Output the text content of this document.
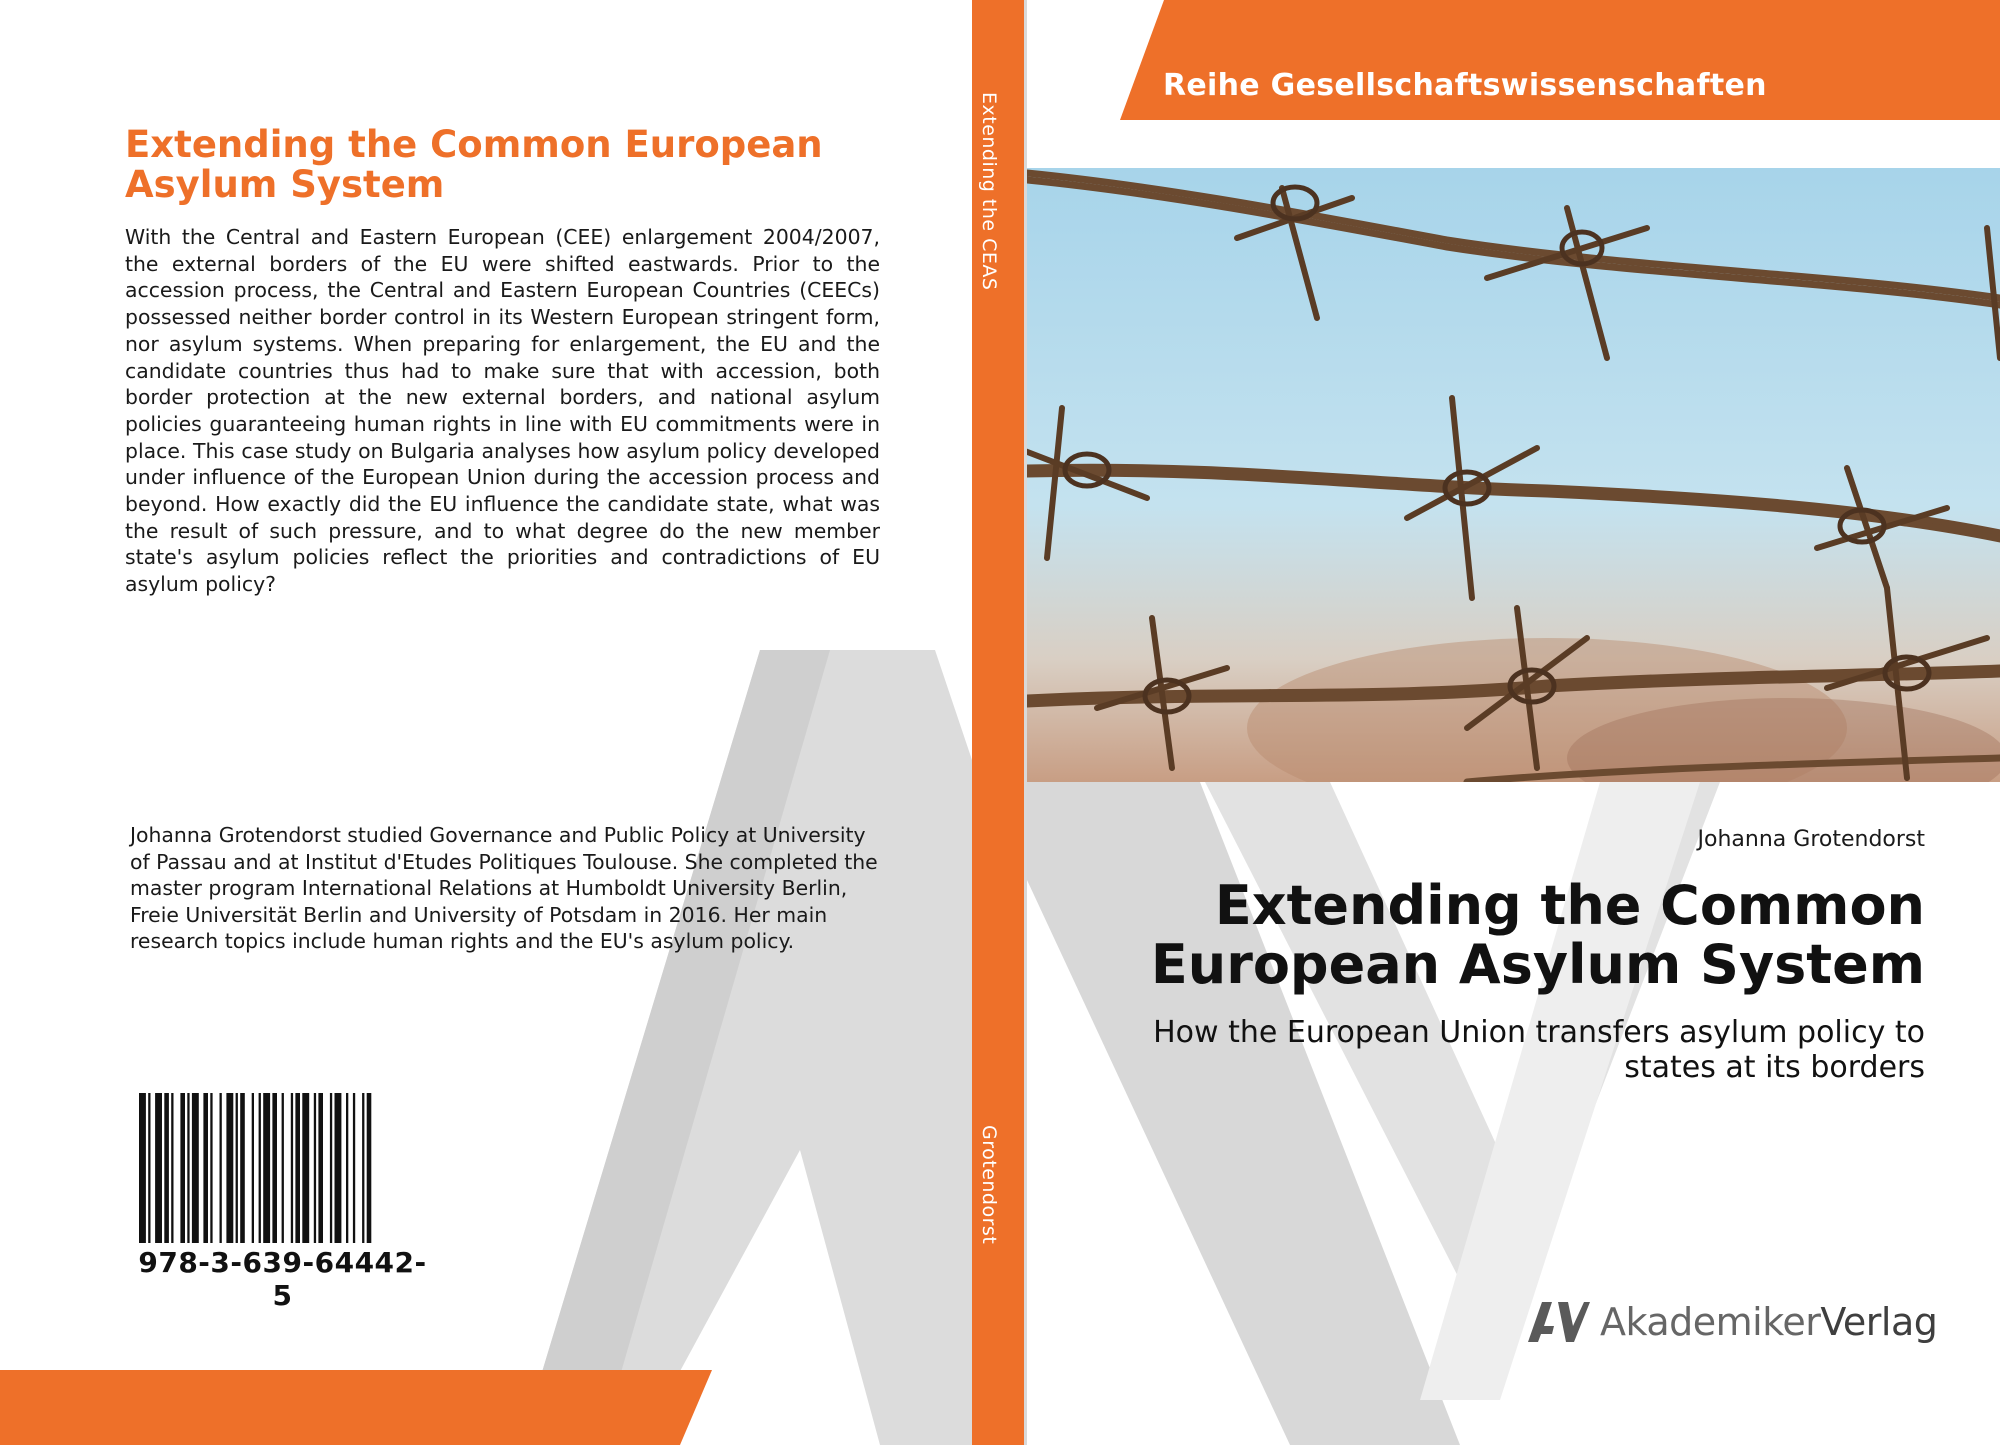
Extending the Common European Asylum System
With the Central and Eastern European (CEE) enlargement 2004/2007, the external borders of the EU were shifted eastwards. Prior to the accession process, the Central and Eastern European Countries (CEECs) possessed neither border control in its Western European stringent form, nor asylum systems. When preparing for enlargement, the EU and the candidate countries thus had to make sure that with accession, both border protection at the new external borders, and national asylum policies guaranteeing human rights in line with EU commitments were in place. This case study on Bulgaria analyses how asylum policy developed under influence of the European Union during the accession process and beyond. How exactly did the EU influence the candidate state, what was the result of such pressure, and to what degree do the new member state's asylum policies reflect the priorities and contradictions of EU asylum policy?
Johanna Grotendorst studied Governance and Public Policy at University of Passau and at Institut d'Etudes Politiques Toulouse. She completed the master program International Relations at Humboldt University Berlin, Freie Universität Berlin and University of Potsdam in 2016. Her main research topics include human rights and the EU's asylum policy.
978-3-639-64442-5
Extending the CEAS
Grotendorst
Reihe Gesellschaftswissenschaften
Johanna Grotendorst
Extending the Common European Asylum System
How the European Union transfers asylum policy to states at its borders
AkademikerVerlag
